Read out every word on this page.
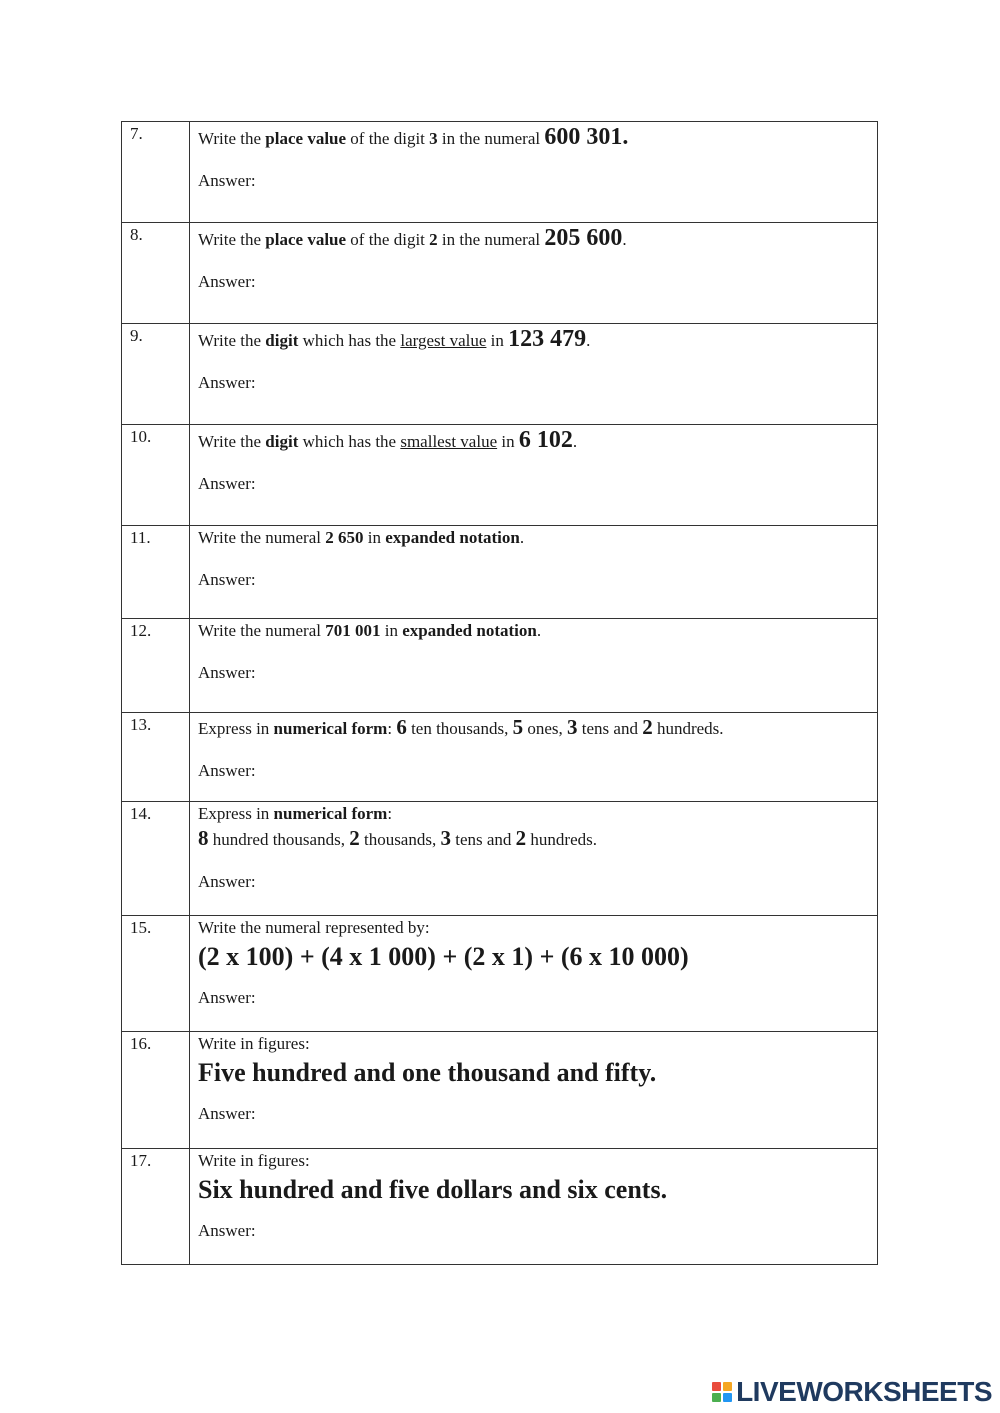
7.	Write the place value of the digit 3 in the numeral 600 301.
Answer:

8.	Write the place value of the digit 2 in the numeral 205 600.
Answer:

9.	Write the digit which has the largest value in 123 479.
Answer:

10.	Write the digit which has the smallest value in 6 102.
Answer:

11.	Write the numeral 2 650 in expanded notation.
Answer:

12.	Write the numeral 701 001 in expanded notation.
Answer:

13.	Express in numerical form: 6 ten thousands, 5 ones, 3 tens and 2 hundreds.
Answer:

14.	Express in numerical form:
8 hundred thousands, 2 thousands, 3 tens and 2 hundreds.
Answer:

15.	Write the numeral represented by:
(2 x 100) + (4 x 1 000) + (2 x 1) + (6 x 10 000)
Answer:

16.	Write in figures:
Five hundred and one thousand and fifty.
Answer:

17.	Write in figures:
Six hundred and five dollars and six cents.
Answer:
LIVEWORKSHEETS
